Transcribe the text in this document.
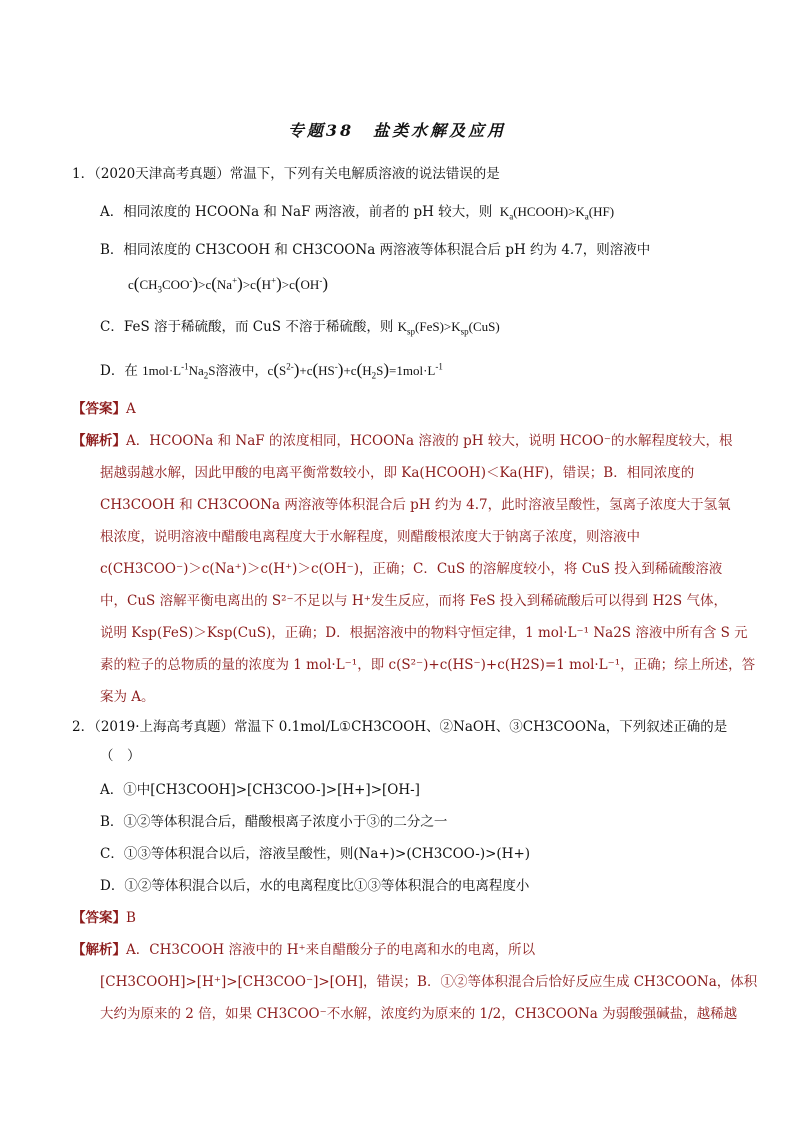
专题38　盐类水解及应用
1．（2020天津高考真题）常温下，下列有关电解质溶液的说法错误的是
A．相同浓度的 HCOONa 和 NaF 两溶液，前者的 pH 较大，则  $K_a(HCOOH)>K_a(HF)$
B．相同浓度的 CH3COOH 和 CH3COONa 两溶液等体积混合后 pH 约为 4.7，则溶液中
$c(CH_3COO^-)>c(Na^+)>c(H^+)>c(OH^-)$
C．FeS 溶于稀硫酸，而 CuS 不溶于稀硫酸，则 $K_{sp}(FeS)>K_{sp}(CuS)$
D．在 $1mol\cdot L^{-1}Na_2S$溶液中，$c(S^{2-})+c(HS^-)+c(H_2S)=1mol\cdot L^{-1}$
【答案】A
【解析】A．HCOONa 和 NaF 的浓度相同，HCOONa 溶液的 pH 较大，说明 HCOO⁻的水解程度较大，根
据越弱越水解，因此甲酸的电离平衡常数较小，即 Ka(HCOOH)＜Ka(HF)，错误；B．相同浓度的
CH3COOH 和 CH3COONa 两溶液等体积混合后 pH 约为 4.7，此时溶液呈酸性，氢离子浓度大于氢氧
根浓度，说明溶液中醋酸电离程度大于水解程度，则醋酸根浓度大于钠离子浓度，则溶液中
c(CH3COO⁻)＞c(Na⁺)＞c(H⁺)＞c(OH⁻)，正确；C．CuS 的溶解度较小，将 CuS 投入到稀硫酸溶液
中，CuS 溶解平衡电离出的 S²⁻不足以与 H⁺发生反应，而将 FeS 投入到稀硫酸后可以得到 H2S 气体，
说明 Ksp(FeS)＞Ksp(CuS)，正确；D．根据溶液中的物料守恒定律，1 mol·L⁻¹ Na2S 溶液中所有含 S 元
素的粒子的总物质的量的浓度为 1 mol·L⁻¹，即 c(S²⁻)+c(HS⁻)+c(H2S)=1 mol·L⁻¹，正确；综上所述，答
案为 A。
2．（2019·上海高考真题）常温下 0.1mol/L①CH3COOH、②NaOH、③CH3COONa，下列叙述正确的是
（　）
A．①中[CH3COOH]>[CH3COO-]>[H+]>[OH-]
B．①②等体积混合后，醋酸根离子浓度小于③的二分之一
C．①③等体积混合以后，溶液呈酸性，则(Na+)>(CH3COO-)>(H+)
D．①②等体积混合以后，水的电离程度比①③等体积混合的电离程度小
【答案】B
【解析】A．CH3COOH 溶液中的 H⁺来自醋酸分子的电离和水的电离，所以
[CH3COOH]>[H⁺]>[CH3COO⁻]>[OH]，错误；B．①②等体积混合后恰好反应生成 CH3COONa，体积
大约为原来的 2 倍，如果 CH3COO⁻不水解，浓度约为原来的 1/2，CH3COONa 为弱酸强碱盐，越稀越
